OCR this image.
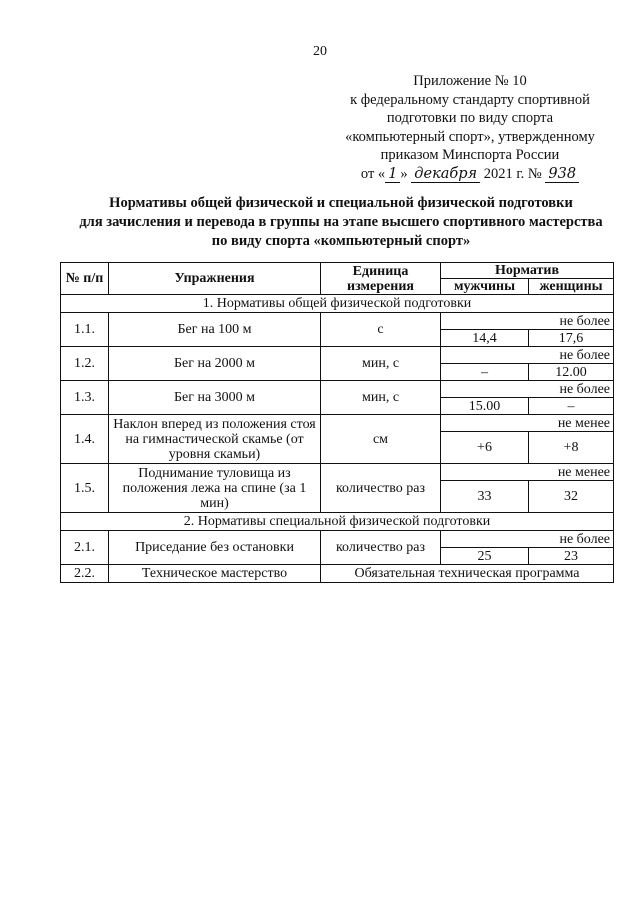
20
Приложение № 10
к федеральному стандарту спортивной
подготовки по виду спорта
«компьютерный спорт», утвержденному
приказом Минспорта России
от « 1 » декабря 2021 г. № 938
Нормативы общей физической и специальной физической подготовки
для зачисления и перевода в группы на этапе высшего спортивного мастерства
по виду спорта «компьютерный спорт»
№ п/п	Упражнения	Единица измерения	Норматив	
			мужчины	женщины
1. Нормативы общей физической подготовки				
1.1.	Бег на 100 м	с	не более	
			14,4	17,6
1.2.	Бег на 2000 м	мин, с	не более	
			–	12.00
1.3.	Бег на 3000 м	мин, с	не более	
			15.00	–
1.4.	Наклон вперед из положения стоя на гимнастической скамье (от уровня скамьи)	см	не менее	
			+6	+8
1.5.	Поднимание туловища из положения лежа на спине (за 1 мин)	количество раз	не менее	
			33	32
2. Нормативы специальной физической подготовки				
2.1.	Приседание без остановки	количество раз	не более	
			25	23
2.2.	Техническое мастерство	Обязательная техническая программа		
